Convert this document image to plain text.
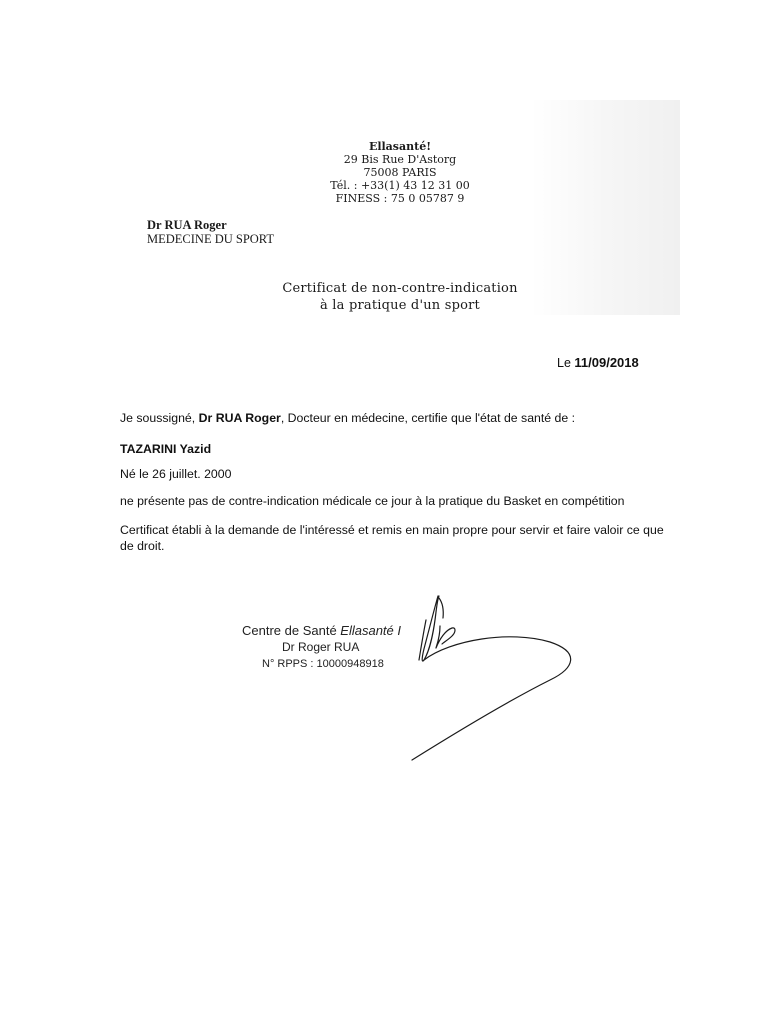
Ellasanté!
29 Bis Rue D'Astorg
75008 PARIS
Tél. : +33(1) 43 12 31 00
FINESS : 75 0 05787 9
Dr RUA Roger
MEDECINE DU SPORT
Certificat de non-contre-indication
à la pratique d'un sport
Le 11/09/2018
Je soussigné, Dr RUA Roger, Docteur en médecine, certifie que l'état de santé de :
TAZARINI Yazid
Né le 26 juillet. 2000
ne présente pas de contre-indication médicale ce jour à la pratique du Basket en compétition
Certificat établi à la demande de l'intéressé et remis en main propre pour servir et faire valoir ce que de droit.
Centre de Santé Ellasanté I
Dr Roger RUA
N° RPPS : 10000948918
